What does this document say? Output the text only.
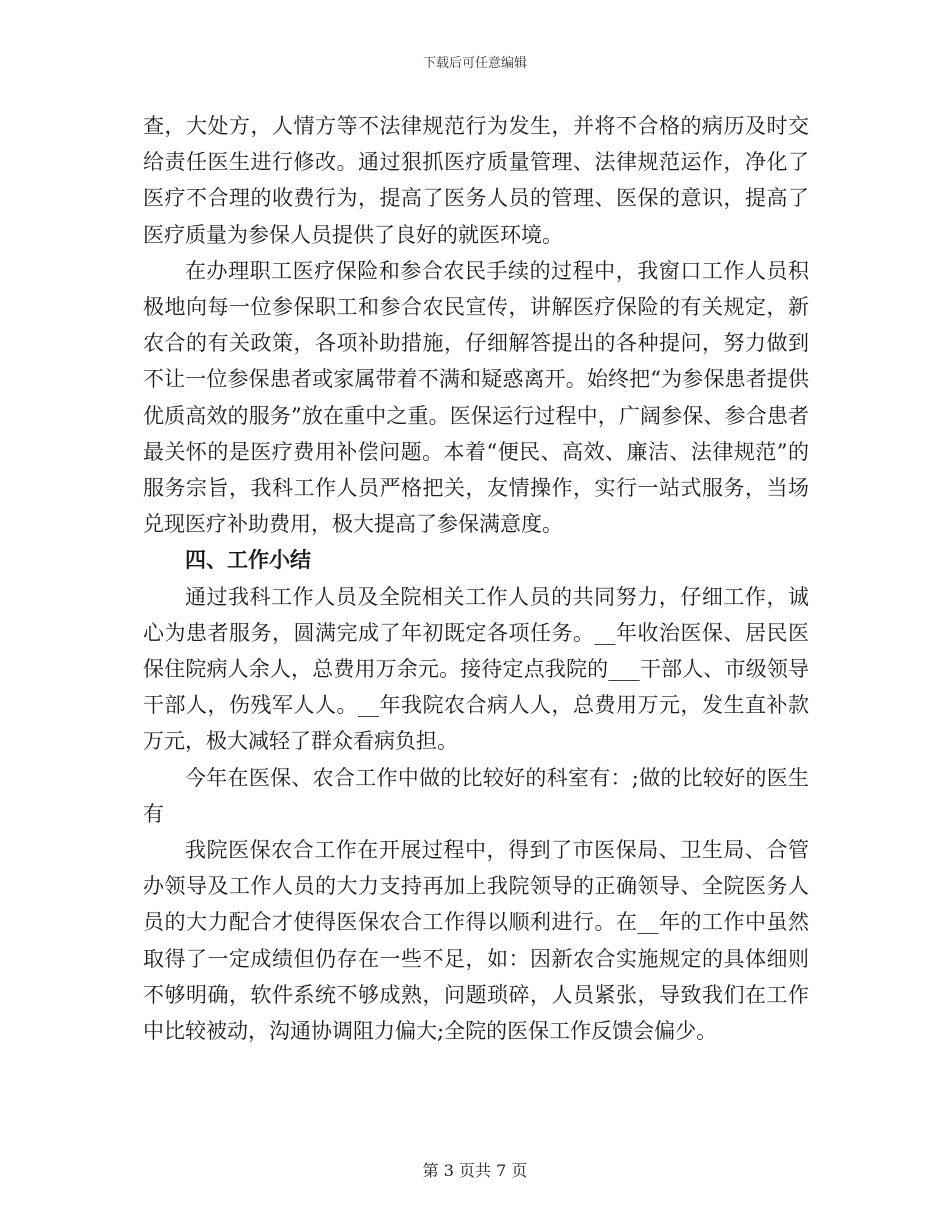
下载后可任意编辑

查，大处方，人情方等不法律规范行为发生，并将不合格的病历及时交给责任医生进行修改。通过狠抓医疗质量管理、法律规范运作，净化了医疗不合理的收费行为，提高了医务人员的管理、医保的意识，提高了医疗质量为参保人员提供了良好的就医环境。

在办理职工医疗保险和参合农民手续的过程中，我窗口工作人员积极地向每一位参保职工和参合农民宣传，讲解医疗保险的有关规定，新农合的有关政策，各项补助措施，仔细解答提出的各种提问，努力做到不让一位参保患者或家属带着不满和疑惑离开。始终把“为参保患者提供优质高效的服务”放在重中之重。医保运行过程中，广阔参保、参合患者最关怀的是医疗费用补偿问题。本着“便民、高效、廉洁、法律规范”的服务宗旨，我科工作人员严格把关，友情操作，实行一站式服务，当场兑现医疗补助费用，极大提高了参保满意度。

四、工作小结

通过我科工作人员及全院相关工作人员的共同努力，仔细工作，诚心为患者服务，圆满完成了年初既定各项任务。__年收治医保、居民医保住院病人余人，总费用万余元。接待定点我院的___干部人、市级领导干部人，伤残军人人。__年我院农合病人人，总费用万元，发生直补款万元，极大减轻了群众看病负担。

今年在医保、农合工作中做的比较好的科室有：;做的比较好的医生有

我院医保农合工作在开展过程中，得到了市医保局、卫生局、合管办领导及工作人员的大力支持再加上我院领导的正确领导、全院医务人员的大力配合才使得医保农合工作得以顺利进行。在__年的工作中虽然取得了一定成绩但仍存在一些不足，如：因新农合实施规定的具体细则不够明确，软件系统不够成熟，问题琐碎，人员紧张，导致我们在工作中比较被动，沟通协调阻力偏大;全院的医保工作反馈会偏少。

第 3 页共 7 页
